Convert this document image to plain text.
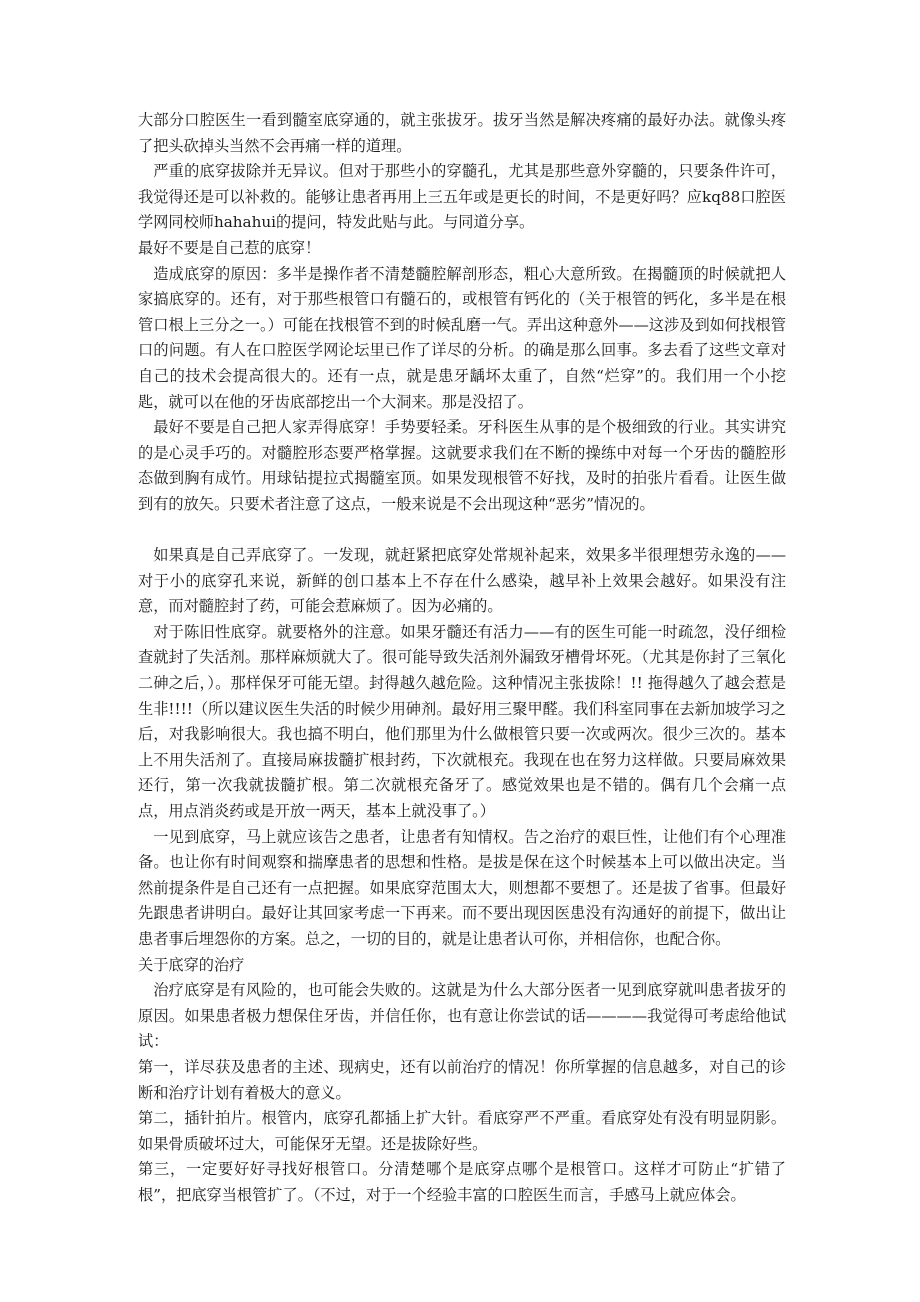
大部分口腔医生一看到髓室底穿通的，就主张拔牙。拔牙当然是解决疼痛的最好办法。就像头疼了把头砍掉头当然不会再痛一样的道理。

严重的底穿拔除并无异议。但对于那些小的穿髓孔，尤其是那些意外穿髓的，只要条件许可，我觉得还是可以补救的。能够让患者再用上三五年或是更长的时间，不是更好吗？应kq88口腔医学网同校师hahahui的提问，特发此贴与此。与同道分享。

最好不要是自己惹的底穿！

造成底穿的原因：多半是操作者不清楚髓腔解剖形态，粗心大意所致。在揭髓顶的时候就把人家搞底穿的。还有，对于那些根管口有髓石的，或根管有钙化的（关于根管的钙化，多半是在根管口根上三分之一。）可能在找根管不到的时候乱磨一气。弄出这种意外——这涉及到如何找根管口的问题。有人在口腔医学网论坛里已作了详尽的分析。的确是那么回事。多去看了这些文章对自己的技术会提高很大的。还有一点，就是患牙龋坏太重了，自然“烂穿”的。我们用一个小挖匙，就可以在他的牙齿底部挖出一个大洞来。那是没招了。

最好不要是自己把人家弄得底穿！手势要轻柔。牙科医生从事的是个极细致的行业。其实讲究的是心灵手巧的。对髓腔形态要严格掌握。这就要求我们在不断的操练中对每一个牙齿的髓腔形态做到胸有成竹。用球钻提拉式揭髓室顶。如果发现根管不好找，及时的拍张片看看。让医生做到有的放矢。只要术者注意了这点，一般来说是不会出现这种“恶劣”情况的。

如果真是自己弄底穿了。一发现，就赶紧把底穿处常规补起来，效果多半很理想劳永逸的——对于小的底穿孔来说，新鲜的创口基本上不存在什么感染，越早补上效果会越好。如果没有注意，而对髓腔封了药，可能会惹麻烦了。因为必痛的。

对于陈旧性底穿。就要格外的注意。如果牙髓还有活力——有的医生可能一时疏忽，没仔细检查就封了失活剂。那样麻烦就大了。很可能导致失活剂外漏致牙槽骨坏死。（尤其是你封了三氧化二砷之后，）。那样保牙可能无望。封得越久越危险。这种情况主张拔除！!! 拖得越久了越会惹是生非!!!!（所以建议医生失活的时候少用砷剂。最好用三聚甲醛。我们科室同事在去新加坡学习之后，对我影响很大。我也搞不明白，他们那里为什么做根管只要一次或两次。很少三次的。基本上不用失活剂了。直接局麻拔髓扩根封药，下次就根充。我现在也在努力这样做。只要局麻效果还行，第一次我就拔髓扩根。第二次就根充备牙了。感觉效果也是不错的。偶有几个会痛一点点，用点消炎药或是开放一两天，基本上就没事了。）

一见到底穿，马上就应该告之患者，让患者有知情权。告之治疗的艰巨性，让他们有个心理准备。也让你有时间观察和揣摩患者的思想和性格。是拔是保在这个时候基本上可以做出决定。当然前提条件是自己还有一点把握。如果底穿范围太大，则想都不要想了。还是拔了省事。但最好先跟患者讲明白。最好让其回家考虑一下再来。而不要出现因医患没有沟通好的前提下，做出让患者事后埋怨你的方案。总之，一切的目的，就是让患者认可你，并相信你，也配合你。

关于底穿的治疗

治疗底穿是有风险的，也可能会失败的。这就是为什么大部分医者一见到底穿就叫患者拔牙的原因。如果患者极力想保住牙齿，并信任你，也有意让你尝试的话————我觉得可考虑给他试试：

第一，详尽获及患者的主述、现病史，还有以前治疗的情况！你所掌握的信息越多，对自己的诊断和治疗计划有着极大的意义。

第二，插针拍片。根管内，底穿孔都插上扩大针。看底穿严不严重。看底穿处有没有明显阴影。如果骨质破坏过大，可能保牙无望。还是拔除好些。

第三，一定要好好寻找好根管口。分清楚哪个是底穿点哪个是根管口。这样才可防止“扩错了根”，把底穿当根管扩了。（不过，对于一个经验丰富的口腔医生而言，手感马上就应体会。
